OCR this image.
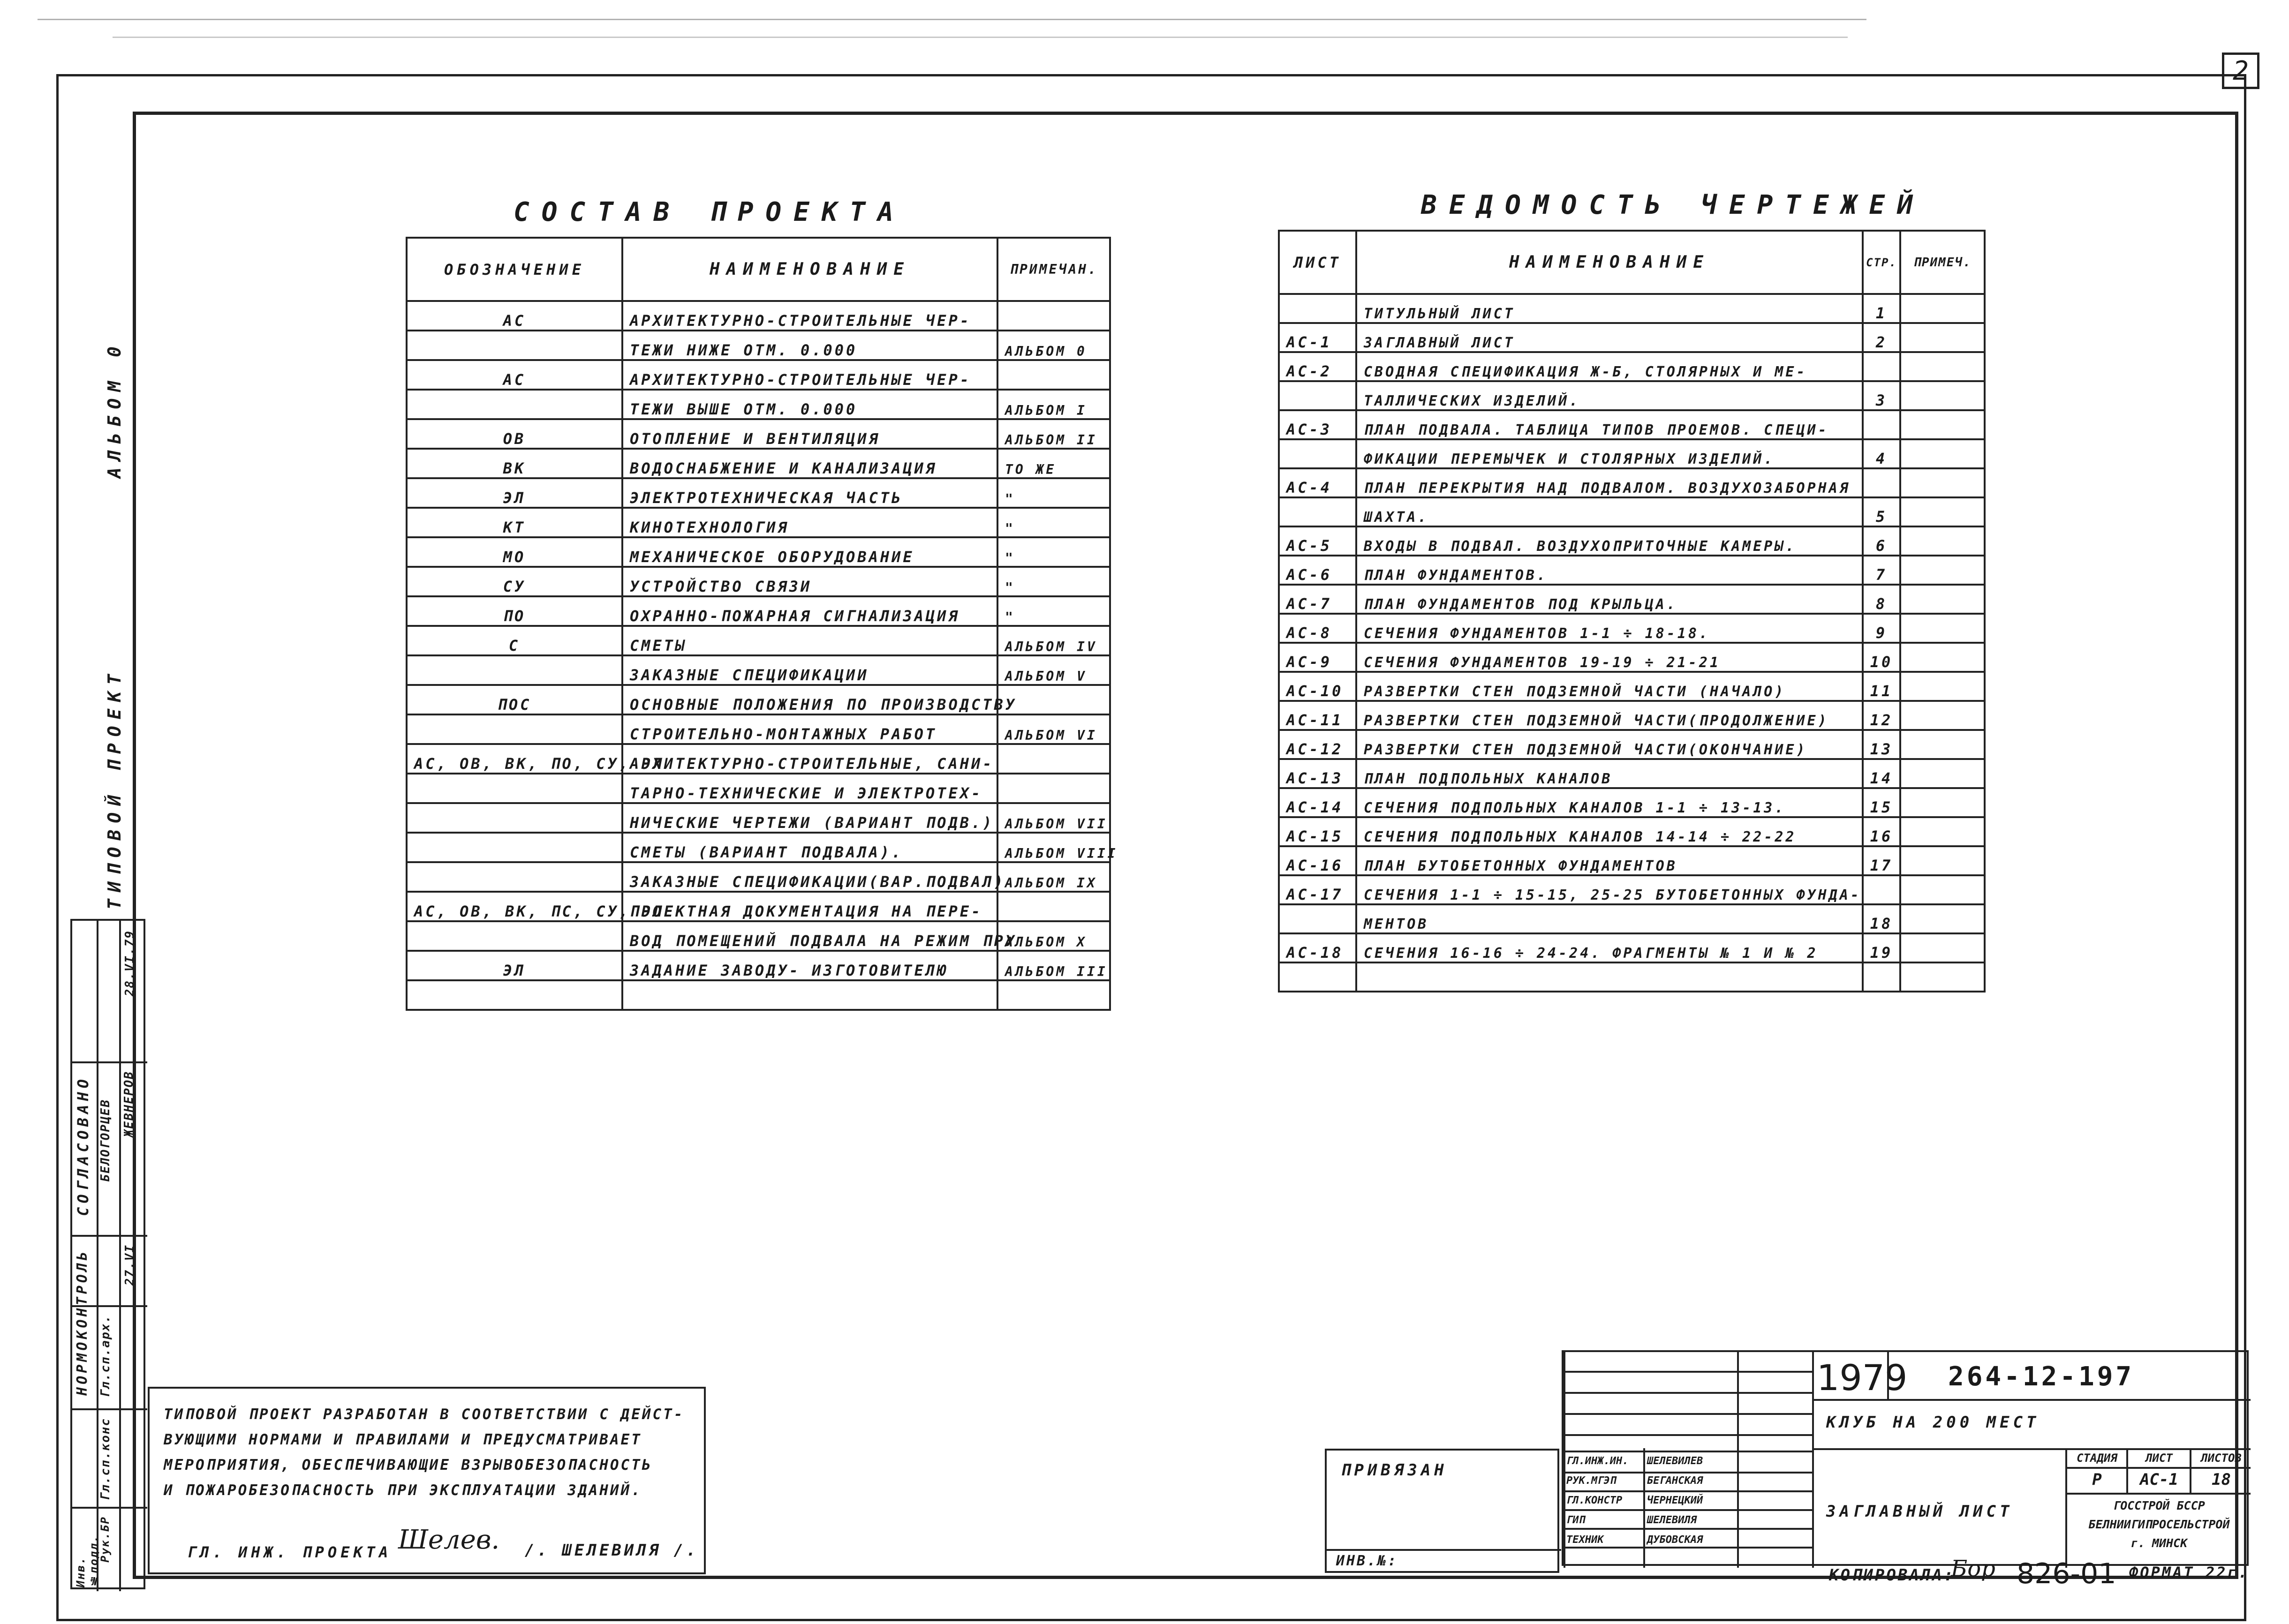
2
АЛЬБОМ 0
ТИПОВОЙ ПРОЕКТ
СОГЛАСОВАНО
НОРМОКОНТРОЛЬ
28.VI.79
27.VI
Гл.сп.арх.
Гл.сп.конс
БЕЛОГОРЦЕВ ЖЕВНЕРОВ
Рук.БР
Инв.№подл.
СОСТАВ ПРОЕКТА
ОБОЗНАЧЕНИЕ	НАИМЕНОВАНИЕ	ПРИМЕЧАН.
АС	АРХИТЕКТУРНО-СТРОИТЕЛЬНЫЕ ЧЕР-	
	ТЕЖИ НИЖЕ ОТМ. 0.000	АЛЬБОМ 0
АС	АРХИТЕКТУРНО-СТРОИТЕЛЬНЫЕ ЧЕР-	
	ТЕЖИ ВЫШЕ ОТМ. 0.000	АЛЬБОМ I
ОВ	ОТОПЛЕНИЕ И ВЕНТИЛЯЦИЯ	АЛЬБОМ II
ВК	ВОДОСНАБЖЕНИЕ И КАНАЛИЗАЦИЯ	ТО ЖЕ
ЭЛ	ЭЛЕКТРОТЕХНИЧЕСКАЯ ЧАСТЬ	"
КТ	КИНОТЕХНОЛОГИЯ	"
МО	МЕХАНИЧЕСКОЕ ОБОРУДОВАНИЕ	"
СУ	УСТРОЙСТВО СВЯЗИ	"
ПО	ОХРАННО-ПОЖАРНАЯ СИГНАЛИЗАЦИЯ	"
С	СМЕТЫ	АЛЬБОМ IV
	ЗАКАЗНЫЕ СПЕЦИФИКАЦИИ	АЛЬБОМ V
ПОС	ОСНОВНЫЕ ПОЛОЖЕНИЯ ПО ПРОИЗВОДСТВУ	
	СТРОИТЕЛЬНО-МОНТАЖНЫХ РАБОТ	АЛЬБОМ VI
АС, ОВ, ВК, ПО, СУ, ЭЛ	АРХИТЕКТУРНО-СТРОИТЕЛЬНЫЕ, САНИ-	
	ТАРНО-ТЕХНИЧЕСКИЕ И ЭЛЕКТРОТЕХ-	
	НИЧЕСКИЕ ЧЕРТЕЖИ (ВАРИАНТ ПОДВ.)	АЛЬБОМ VII
	СМЕТЫ (ВАРИАНТ ПОДВАЛА).	АЛЬБОМ VIII
	ЗАКАЗНЫЕ СПЕЦИФИКАЦИИ(ВАР.ПОДВАЛ)	АЛЬБОМ IX
АС, ОВ, ВК, ПС, СУ, ЭЛ	ПРОЕКТНАЯ ДОКУМЕНТАЦИЯ НА ПЕРЕ-	
	ВОД ПОМЕЩЕНИЙ ПОДВАЛА НА РЕЖИМ ПРУ	АЛЬБОМ X
ЭЛ	ЗАДАНИЕ ЗАВОДУ- ИЗГОТОВИТЕЛЮ	АЛЬБОМ III

ВЕДОМОСТЬ ЧЕРТЕЖЕЙ
ЛИСТ	НАИМЕНОВАНИЕ	СТР.	ПРИМЕЧ.
	ТИТУЛЬНЫЙ ЛИСТ	1	
АС-1	ЗАГЛАВНЫЙ ЛИСТ	2	
АС-2	СВОДНАЯ СПЕЦИФИКАЦИЯ Ж-Б, СТОЛЯРНЫХ И МЕ-		
	ТАЛЛИЧЕСКИХ ИЗДЕЛИЙ.	3	
АС-3	ПЛАН ПОДВАЛА. ТАБЛИЦА ТИПОВ ПРОЕМОВ. СПЕЦИ-		
	ФИКАЦИИ ПЕРЕМЫЧЕК И СТОЛЯРНЫХ ИЗДЕЛИЙ.	4	
АС-4	ПЛАН ПЕРЕКРЫТИЯ НАД ПОДВАЛОМ. ВОЗДУХОЗАБОРНАЯ		
	ШАХТА.	5	
АС-5	ВХОДЫ В ПОДВАЛ. ВОЗДУХОПРИТОЧНЫЕ КАМЕРЫ.	6	
АС-6	ПЛАН ФУНДАМЕНТОВ.	7	
АС-7	ПЛАН ФУНДАМЕНТОВ ПОД КРЫЛЬЦА.	8	
АС-8	СЕЧЕНИЯ ФУНДАМЕНТОВ 1-1 ÷ 18-18.	9	
АС-9	СЕЧЕНИЯ ФУНДАМЕНТОВ 19-19 ÷ 21-21	10	
АС-10	РАЗВЕРТКИ СТЕН ПОДЗЕМНОЙ ЧАСТИ (НАЧАЛО)	11	
АС-11	РАЗВЕРТКИ СТЕН ПОДЗЕМНОЙ ЧАСТИ(ПРОДОЛЖЕНИЕ)	12	
АС-12	РАЗВЕРТКИ СТЕН ПОДЗЕМНОЙ ЧАСТИ(ОКОНЧАНИЕ)	13	
АС-13	ПЛАН ПОДПОЛЬНЫХ КАНАЛОВ	14	
АС-14	СЕЧЕНИЯ ПОДПОЛЬНЫХ КАНАЛОВ 1-1 ÷ 13-13.	15	
АС-15	СЕЧЕНИЯ ПОДПОЛЬНЫХ КАНАЛОВ 14-14 ÷ 22-22	16	
АС-16	ПЛАН БУТОБЕТОННЫХ ФУНДАМЕНТОВ	17	
АС-17	СЕЧЕНИЯ 1-1 ÷ 15-15, 25-25 БУТОБЕТОННЫХ ФУНДА-		
	МЕНТОВ	18	
АС-18	СЕЧЕНИЯ 16-16 ÷ 24-24. ФРАГМЕНТЫ № 1 И № 2	19	

ТИПОВОЙ ПРОЕКТ РАЗРАБОТАН В СООТВЕТСТВИИ С ДЕЙСТ-
ВУЮЩИМИ НОРМАМИ И ПРАВИЛАМИ И ПРЕДУСМАТРИВАЕТ
МЕРОПРИЯТИЯ, ОБЕСПЕЧИВАЮЩИЕ ВЗРЫВОБЕЗОПАСНОСТЬ
И ПОЖАРОБЕЗОПАСНОСТЬ ПРИ ЭКСПЛУАТАЦИИ ЗДАНИЙ.
ГЛ. ИНЖ. ПРОЕКТА Шелев. /. ШЕЛЕВИЛЯ /.
ПРИВЯЗАН
ИНВ.№:
ГЛ.ИНЖ.ИН. ШЕЛЕВИЛЕВ
РУК.МГЭП	БЕГАНСКАЯ
ГЛ.КОНСТР ЧЕРНЕЦКИЙ
ГИП	ШЕЛЕВИЛЯ
ТЕХНИК	ДУБОВСКАЯ
1979 264-12-197
КЛУБ НА 200 МЕСТ
ЗАГЛАВНЫЙ ЛИСТ
СТАДИЯ	ЛИСТ	ЛИСТОВ
Р	АС-1	18
ГОССТРОЙ БССР
БЕЛНИИГИПРОСЕЛЬСТРОЙ
г. МИНСК
КОПИРОВАЛА:
Бор 826-01 ФОРМАТ 22г.
